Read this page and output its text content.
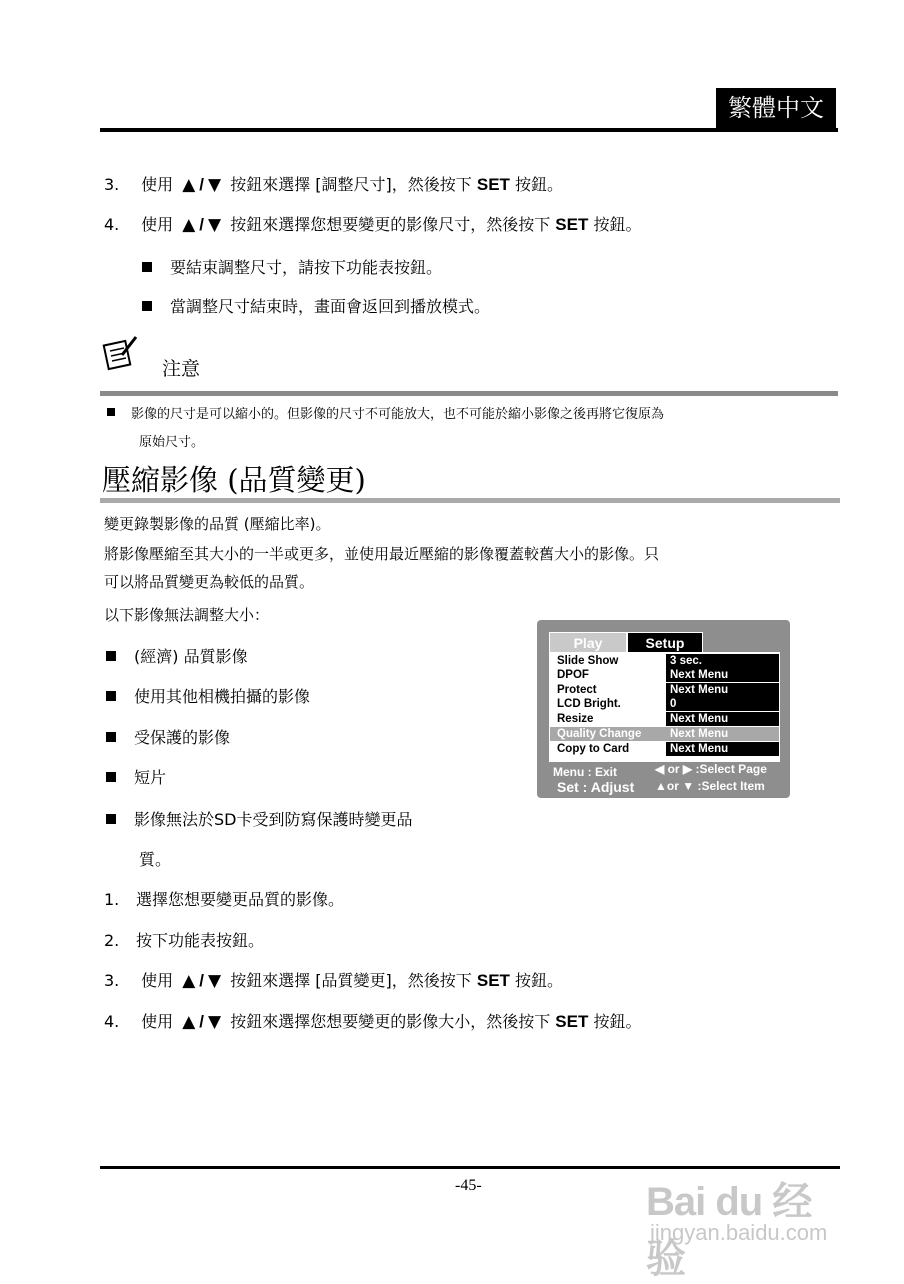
繁體中文
3. 使用 ▲ / ▼ 按鈕來選擇 [調整尺寸]，然後按下 SET 按鈕。
4. 使用 ▲ / ▼ 按鈕來選擇您想要變更的影像尺寸，然後按下 SET 按鈕。
要結束調整尺寸，請按下功能表按鈕。
當調整尺寸結束時，畫面會返回到播放模式。
注意
影像的尺寸是可以縮小的。但影像的尺寸不可能放大，也不可能於縮小影像之後再將它復原為
原始尺寸。
壓縮影像 (品質變更)
變更錄製影像的品質 (壓縮比率)。
將影像壓縮至其大小的一半或更多，並使用最近壓縮的影像覆蓋較舊大小的影像。只
可以將品質變更為較低的品質。
以下影像無法調整大小：
(經濟) 品質影像
使用其他相機拍攝的影像
受保護的影像
短片
影像無法於SD卡受到防寫保護時變更品
質。
Play	Setup
Slide Show	3 sec.
DPOF	Next Menu
Protect	Next Menu
LCD Bright.	0
Resize	Next Menu
Quality Change	Next Menu
Copy to Card	Next Menu
Menu : Exit
Set : Adjust
◀ or ▶ :Select Page
▲or ▼ :Select Item
1. 選擇您想要變更品質的影像。
2. 按下功能表按鈕。
3. 使用 ▲ / ▼ 按鈕來選擇 [品質變更]，然後按下 SET 按鈕。
4. 使用 ▲ / ▼ 按鈕來選擇您想要變更的影像大小，然後按下 SET 按鈕。
-45-	Bai du 经验
jingyan.baidu.com
